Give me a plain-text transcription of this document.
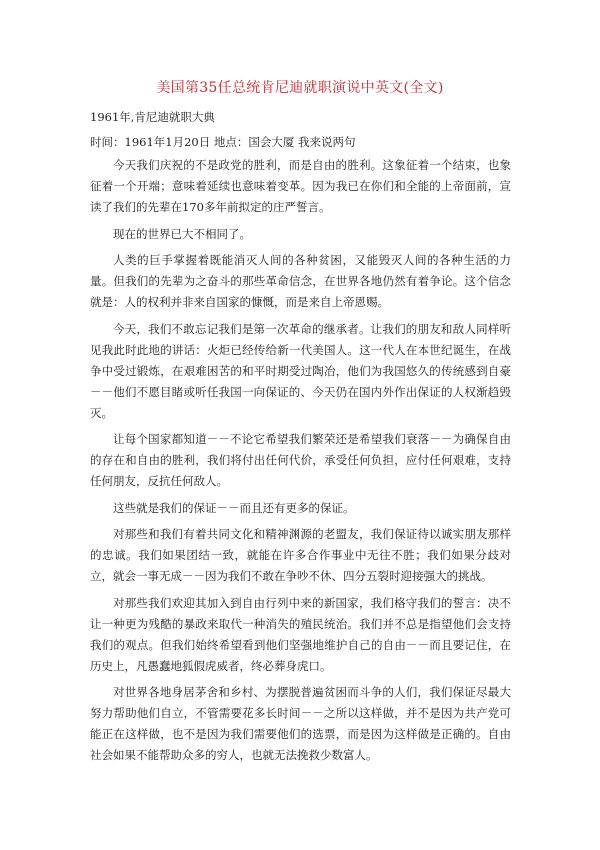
美国第35任总统肯尼迪就职演说中英文(全文)
1961年,肯尼迪就职大典
时间：1961年1月20日 地点：国会大厦 我来说两句

今天我们庆祝的不是政党的胜利，而是自由的胜利。这象征着一个结束，也象征着一个开端；意味着延续也意味着变革。因为我已在你们和全能的上帝面前，宣读了我们的先辈在170多年前拟定的庄严誓言。

现在的世界已大不相同了。

人类的巨手掌握着既能消灭人间的各种贫困，又能毁灭人间的各种生活的力量。但我们的先辈为之奋斗的那些革命信念，在世界各地仍然有着争论。这个信念就是：人的权利并非来自国家的慷慨，而是来自上帝恩赐。

今天，我们不敢忘记我们是第一次革命的继承者。让我们的朋友和敌人同样听见我此时此地的讲话：火炬已经传给新一代美国人。这一代人在本世纪诞生，在战争中受过锻炼，在艰难困苦的和平时期受过陶冶，他们为我国悠久的传统感到自豪－－他们不愿目睹或听任我国一向保证的、今天仍在国内外作出保证的人权渐趋毁灭。

让每个国家都知道－－不论它希望我们繁荣还是希望我们衰落－－为确保自由的存在和自由的胜利，我们将付出任何代价，承受任何负担，应付任何艰难，支持任何朋友，反抗任何敌人。

这些就是我们的保证－－而且还有更多的保证。

对那些和我们有着共同文化和精神渊源的老盟友，我们保证待以诚实朋友那样的忠诚。我们如果团结一致，就能在许多合作事业中无往不胜；我们如果分歧对立，就会一事无成－－因为我们不敢在争吵不休、四分五裂时迎接强大的挑战。

对那些我们欢迎其加入到自由行列中来的新国家，我们格守我们的誓言：决不让一种更为残酷的暴政来取代一种消失的殖民统治。我们并不总是指望他们会支持我们的观点。但我们始终希望看到他们坚强地维护自己的自由－－而且要记住，在历史上，凡愚蠢地狐假虎威者，终必葬身虎口。

对世界各地身居茅舍和乡村、为摆脱普遍贫困而斗争的人们，我们保证尽最大努力帮助他们自立，不管需要花多长时间－－之所以这样做，并不是因为共产党可能正在这样做，也不是因为我们需要他们的选票，而是因为这样做是正确的。自由社会如果不能帮助众多的穷人，也就无法挽救少数富人。
